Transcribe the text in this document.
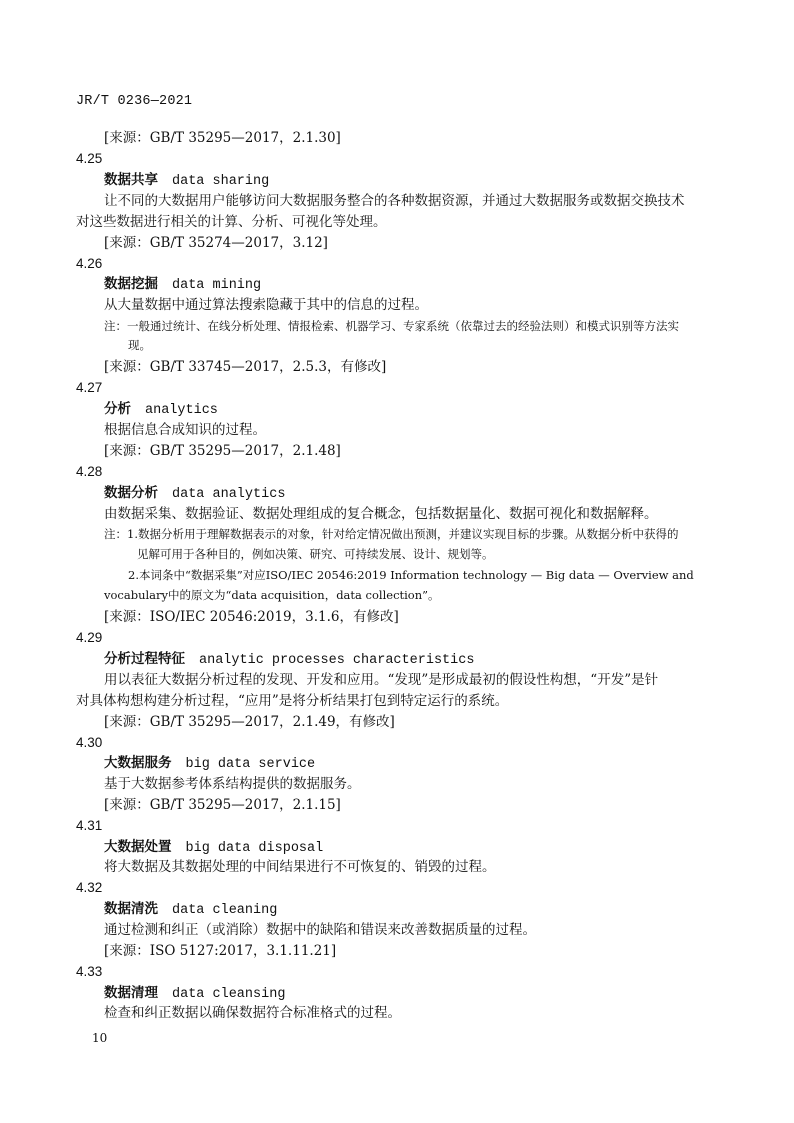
JR/T 0236—2021
[来源：GB/T 35295—2017，2.1.30]
4.25
数据共享 data sharing
让不同的大数据用户能够访问大数据服务整合的各种数据资源，并通过大数据服务或数据交换技术
对这些数据进行相关的计算、分析、可视化等处理。
[来源：GB/T 35274—2017，3.12]
4.26
数据挖掘 data mining
从大量数据中通过算法搜索隐藏于其中的信息的过程。
注：一般通过统计、在线分析处理、情报检索、机器学习、专家系统（依靠过去的经验法则）和模式识别等方法实
现。
[来源：GB/T 33745—2017，2.5.3，有修改]
4.27
分析 analytics
根据信息合成知识的过程。
[来源：GB/T 35295—2017，2.1.48]
4.28
数据分析 data analytics
由数据采集、数据验证、数据处理组成的复合概念，包括数据量化、数据可视化和数据解释。
注：1.数据分析用于理解数据表示的对象，针对给定情况做出预测，并建议实现目标的步骤。从数据分析中获得的
见解可用于各种目的，例如决策、研究、可持续发展、设计、规划等。
2.本词条中“数据采集”对应ISO/IEC 20546:2019 Information technology — Big data — Overview and
vocabulary中的原文为“data acquisition，data collection”。
[来源：ISO/IEC 20546:2019，3.1.6，有修改]
4.29
分析过程特征 analytic processes characteristics
用以表征大数据分析过程的发现、开发和应用。“发现”是形成最初的假设性构想，“开发”是针
对具体构想构建分析过程，“应用”是将分析结果打包到特定运行的系统。
[来源：GB/T 35295—2017，2.1.49，有修改]
4.30
大数据服务 big data service
基于大数据参考体系结构提供的数据服务。
[来源：GB/T 35295—2017，2.1.15]
4.31
大数据处置 big data disposal
将大数据及其数据处理的中间结果进行不可恢复的、销毁的过程。
4.32
数据清洗 data cleaning
通过检测和纠正（或消除）数据中的缺陷和错误来改善数据质量的过程。
[来源：ISO 5127:2017，3.1.11.21]
4.33
数据清理 data cleansing
检查和纠正数据以确保数据符合标准格式的过程。
10
